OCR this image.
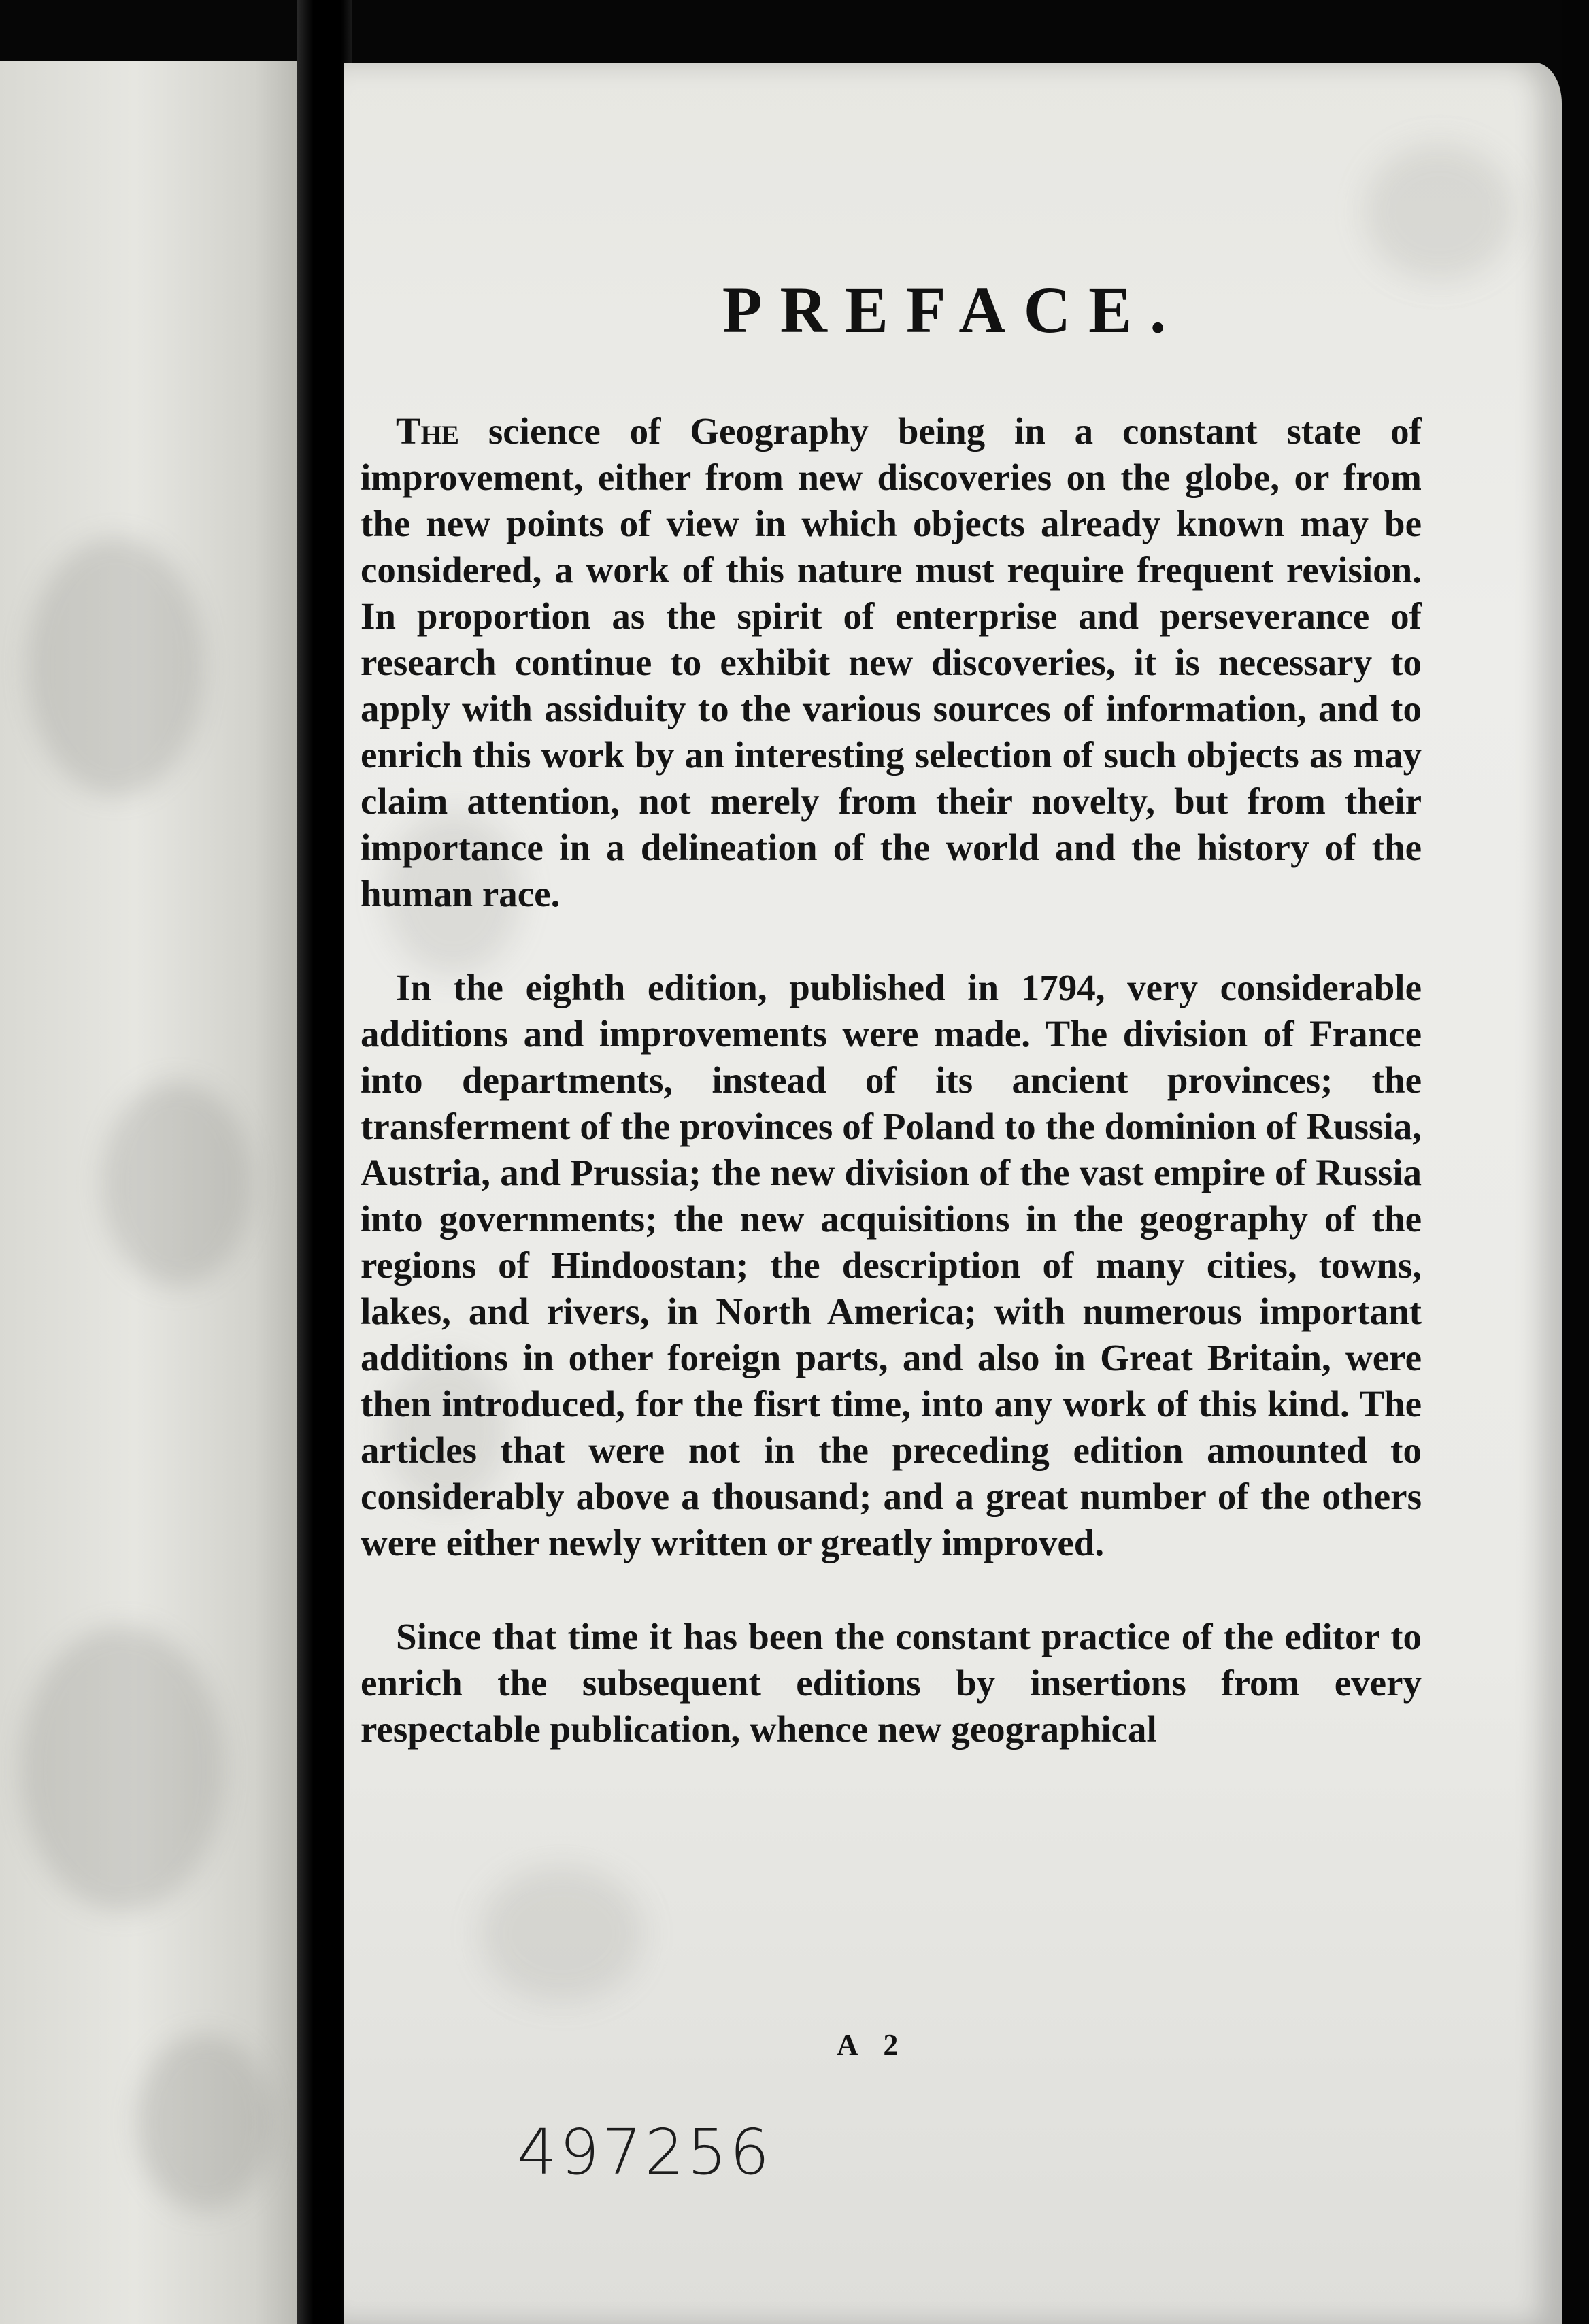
PREFACE.

The science of Geography being in a constant state of improvement, either from new discoveries on the globe, or from the new points of view in which objects already known may be considered, a work of this nature must require frequent revision. In proportion as the spirit of enterprise and perseverance of research continue to exhibit new discoveries, it is necessary to apply with assiduity to the various sources of information, and to enrich this work by an interesting selection of such objects as may claim attention, not merely from their novelty, but from their importance in a delineation of the world and the history of the human race.

In the eighth edition, published in 1794, very considerable additions and improvements were made. The division of France into departments, instead of its ancient provinces; the transferment of the provinces of Poland to the dominion of Russia, Austria, and Prussia; the new division of the vast empire of Russia into governments; the new acquisitions in the geography of the regions of Hindoostan; the description of many cities, towns, lakes, and rivers, in North America; with numerous important additions in other foreign parts, and also in Great Britain, were then introduced, for the fisrt time, into any work of this kind. The articles that were not in the preceding edition amounted to considerably above a thousand; and a great number of the others were either newly written or greatly improved.

Since that time it has been the constant practice of the editor to enrich the subsequent editions by insertions from every respectable publication, whence new geographical

A 2
497256
